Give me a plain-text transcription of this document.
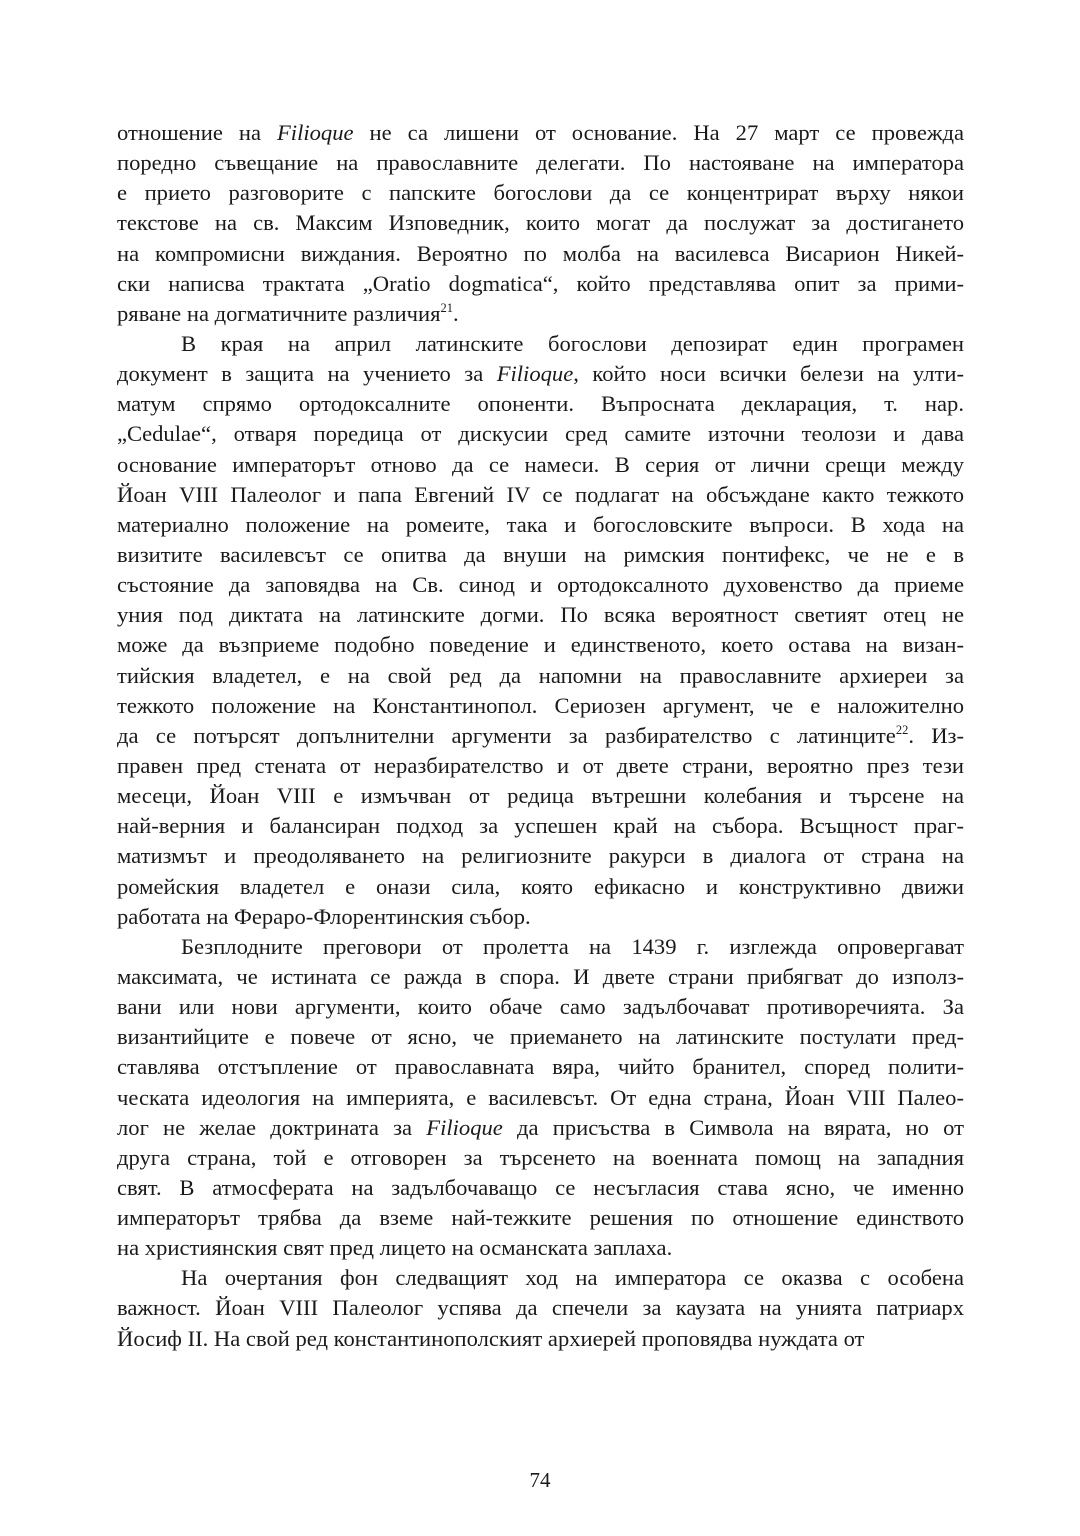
отношение на Filioque не са лишени от основание. На 27 март се провежда
поредно съвещание на православните делегати. По настояване на императора
е прието разговорите с папските богослови да се концентрират върху някои
текстове на св. Максим Изповедник, които могат да послужат за достигането
на компромисни виждания. Вероятно по молба на василевса Висарион Никей-
ски написва трактата „Oratio dogmatica“, който представлява опит за прими-
ряване на догматичните различия$^{21}$.
В края на април латинските богослови депозират един програмен
документ в защита на учението за Filioque, който носи всички белези на улти-
матум спрямо ортодоксалните опоненти. Въпросната декларация, т. нар.
„Cedulae“, отваря поредица от дискусии сред самите източни теолози и дава
основание императорът отново да се намеси. В серия от лични срещи между
Йоан VIII Палеолог и папа Евгений IV се подлагат на обсъждане както тежкото
материално положение на ромеите, така и богословските въпроси. В хода на
визитите василевсът се опитва да внуши на римския понтифекс, че не е в
състояние да заповядва на Св. синод и ортодоксалното духовенство да приеме
уния под диктата на латинските догми. По всяка вероятност светият отец не
може да възприеме подобно поведение и единственото, което остава на визан-
тийския владетел, е на свой ред да напомни на православните архиереи за
тежкото положение на Константинопол. Сериозен аргумент, че е наложително
да се потърсят допълнителни аргументи за разбирателство с латинците$^{22}$. Из-
правен пред стената от неразбирателство и от двете страни, вероятно през тези
месеци, Йоан VIII е измъчван от редица вътрешни колебания и търсене на
най-верния и балансиран подход за успешен край на събора. Всъщност праг-
матизмът и преодоляването на религиозните ракурси в диалога от страна на
ромейския владетел е онази сила, която ефикасно и конструктивно движи
работата на Фераро-Флорентинския събор.
Безплодните преговори от пролетта на 1439 г. изглежда опровергават
максимата, че истината се ражда в спора. И двете страни прибягват до използ-
вани или нови аргументи, които обаче само задълбочават противоречията. За
византийците е повече от ясно, че приемането на латинските постулати пред-
ставлява отстъпление от православната вяра, чийто бранител, според полити-
ческата идеология на империята, е василевсът. От една страна, Йоан VIII Палео-
лог не желае доктрината за Filioque да присъства в Символа на вярата, но от
друга страна, той е отговорен за търсенето на военната помощ на западния
свят. В атмосферата на задълбочаващо се несъгласия става ясно, че именно
императорът трябва да вземе най-тежките решения по отношение единството
на християнския свят пред лицето на османската заплаха.
На очертания фон следващият ход на императора се оказва с особена
важност. Йоан VIII Палеолог успява да спечели за каузата на унията патриарх
Йосиф II. На свой ред константинополският архиерей проповядва нуждата от
74
